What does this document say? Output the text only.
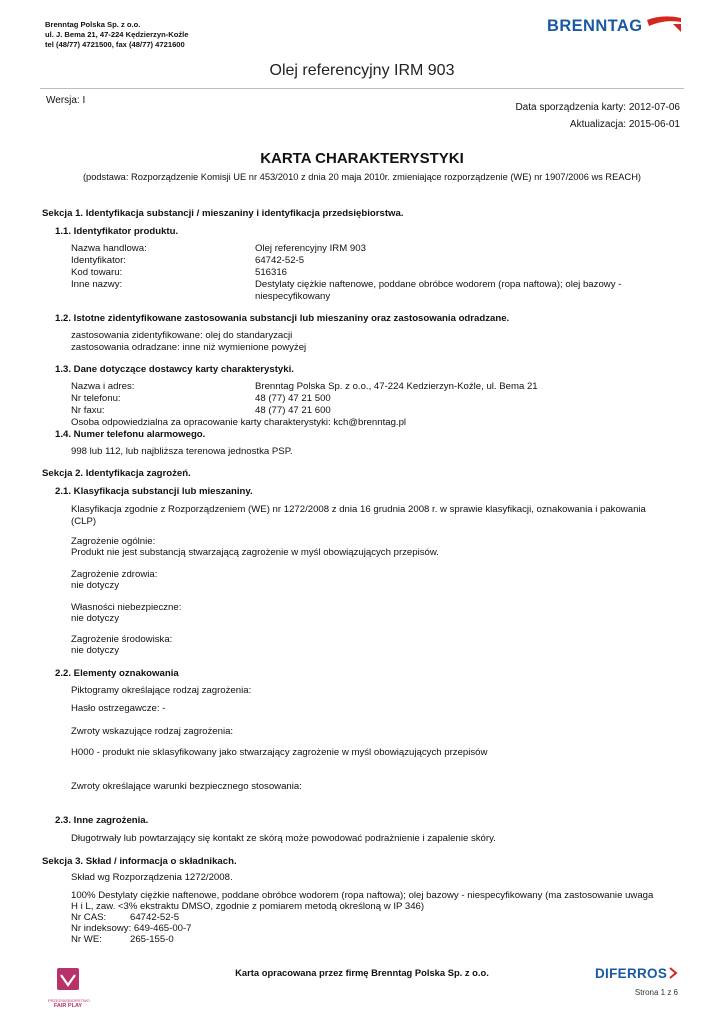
Brenntag Polska Sp. z o.o.
ul. J. Bema 21, 47-224 Kędzierzyn-Koźle
tel (48/77) 4721500, fax (48/77) 4721600
BRENNTAG
Olej referencyjny IRM 903
Wersja: I
Data sporządzenia karty: 2012-07-06
Aktualizacja: 2015-06-01
KARTA CHARAKTERYSTYKI
(podstawa: Rozporządzenie Komisji UE nr 453/2010 z dnia 20 maja 2010r. zmieniające rozporządzenie (WE) nr 1907/2006 ws REACH)
Sekcja 1. Identyfikacja substancji / mieszaniny i identyfikacja przedsiębiorstwa.
1.1. Identyfikator produktu.
Nazwa handlowa:	Olej referencyjny IRM 903
Identyfikator:	64742-52-5
Kod towaru:	516316
Inne nazwy:	Destylaty ciężkie naftenowe, poddane obróbce wodorem (ropa naftowa); olej bazowy -
niespecyfikowany
1.2. Istotne zidentyfikowane zastosowania substancji lub mieszaniny oraz zastosowania odradzane.
zastosowania zidentyfikowane: olej do standaryzacji
zastosowania odradzane: inne niż wymienione powyżej
1.3. Dane dotyczące dostawcy karty charakterystyki.
Nazwa i adres:	Brenntag Polska Sp. z o.o., 47-224 Kedzierzyn-Koźle, ul. Bema 21
Nr telefonu:	48 (77) 47 21 500
Nr faxu:	48 (77) 47 21 600
Osoba odpowiedzialna za opracowanie karty charakterystyki: kch@brenntag.pl
1.4. Numer telefonu alarmowego.
998 lub 112, lub najbliższa terenowa jednostka PSP.
Sekcja 2. Identyfikacja zagrożeń.
2.1. Klasyfikacja substancji lub mieszaniny.
Klasyfikacja zgodnie z Rozporządzeniem (WE) nr 1272/2008 z dnia 16 grudnia 2008 r. w sprawie klasyfikacji, oznakowania i pakowania
(CLP)
Zagrożenie ogólnie:
Produkt nie jest substancją stwarzającą zagrożenie w myśl obowiązujących przepisów.
Zagrożenie zdrowia:
nie dotyczy
Własności niebezpieczne:
nie dotyczy
Zagrożenie środowiska:
nie dotyczy
2.2. Elementy oznakowania
Piktogramy określające rodzaj zagrożenia:
Hasło ostrzegawcze: -
Zwroty wskazujące rodzaj zagrożenia:
H000 - produkt nie sklasyfikowany jako stwarzający zagrożenie w myśl obowiązujących przepisów
Zwroty określające warunki bezpiecznego stosowania:
2.3. Inne zagrożenia.
Długotrwały lub powtarzający się kontakt ze skórą może powodować podrażnienie i zapalenie skóry.
Sekcja 3. Skład / informacja o składnikach.
Skład wg Rozporządzenia 1272/2008.
100% Destylaty ciężkie naftenowe, poddane obróbce wodorem (ropa naftowa); olej bazowy - niespecyfikowany (ma zastosowanie uwaga
H i L, zaw. <3% ekstraktu DMSO, zgodnie z pomiarem metodą określoną w IP 346)
Nr CAS: 64742-52-5
Nr indeksowy: 649-465-00-7
Nr WE:	265-155-0
PRZEDSIĘBIORSTWO
FAIR PLAY
Karta opracowana przez firmę Brenntag Polska Sp. z o.o.	DIFERROS
Strona 1 z 6
